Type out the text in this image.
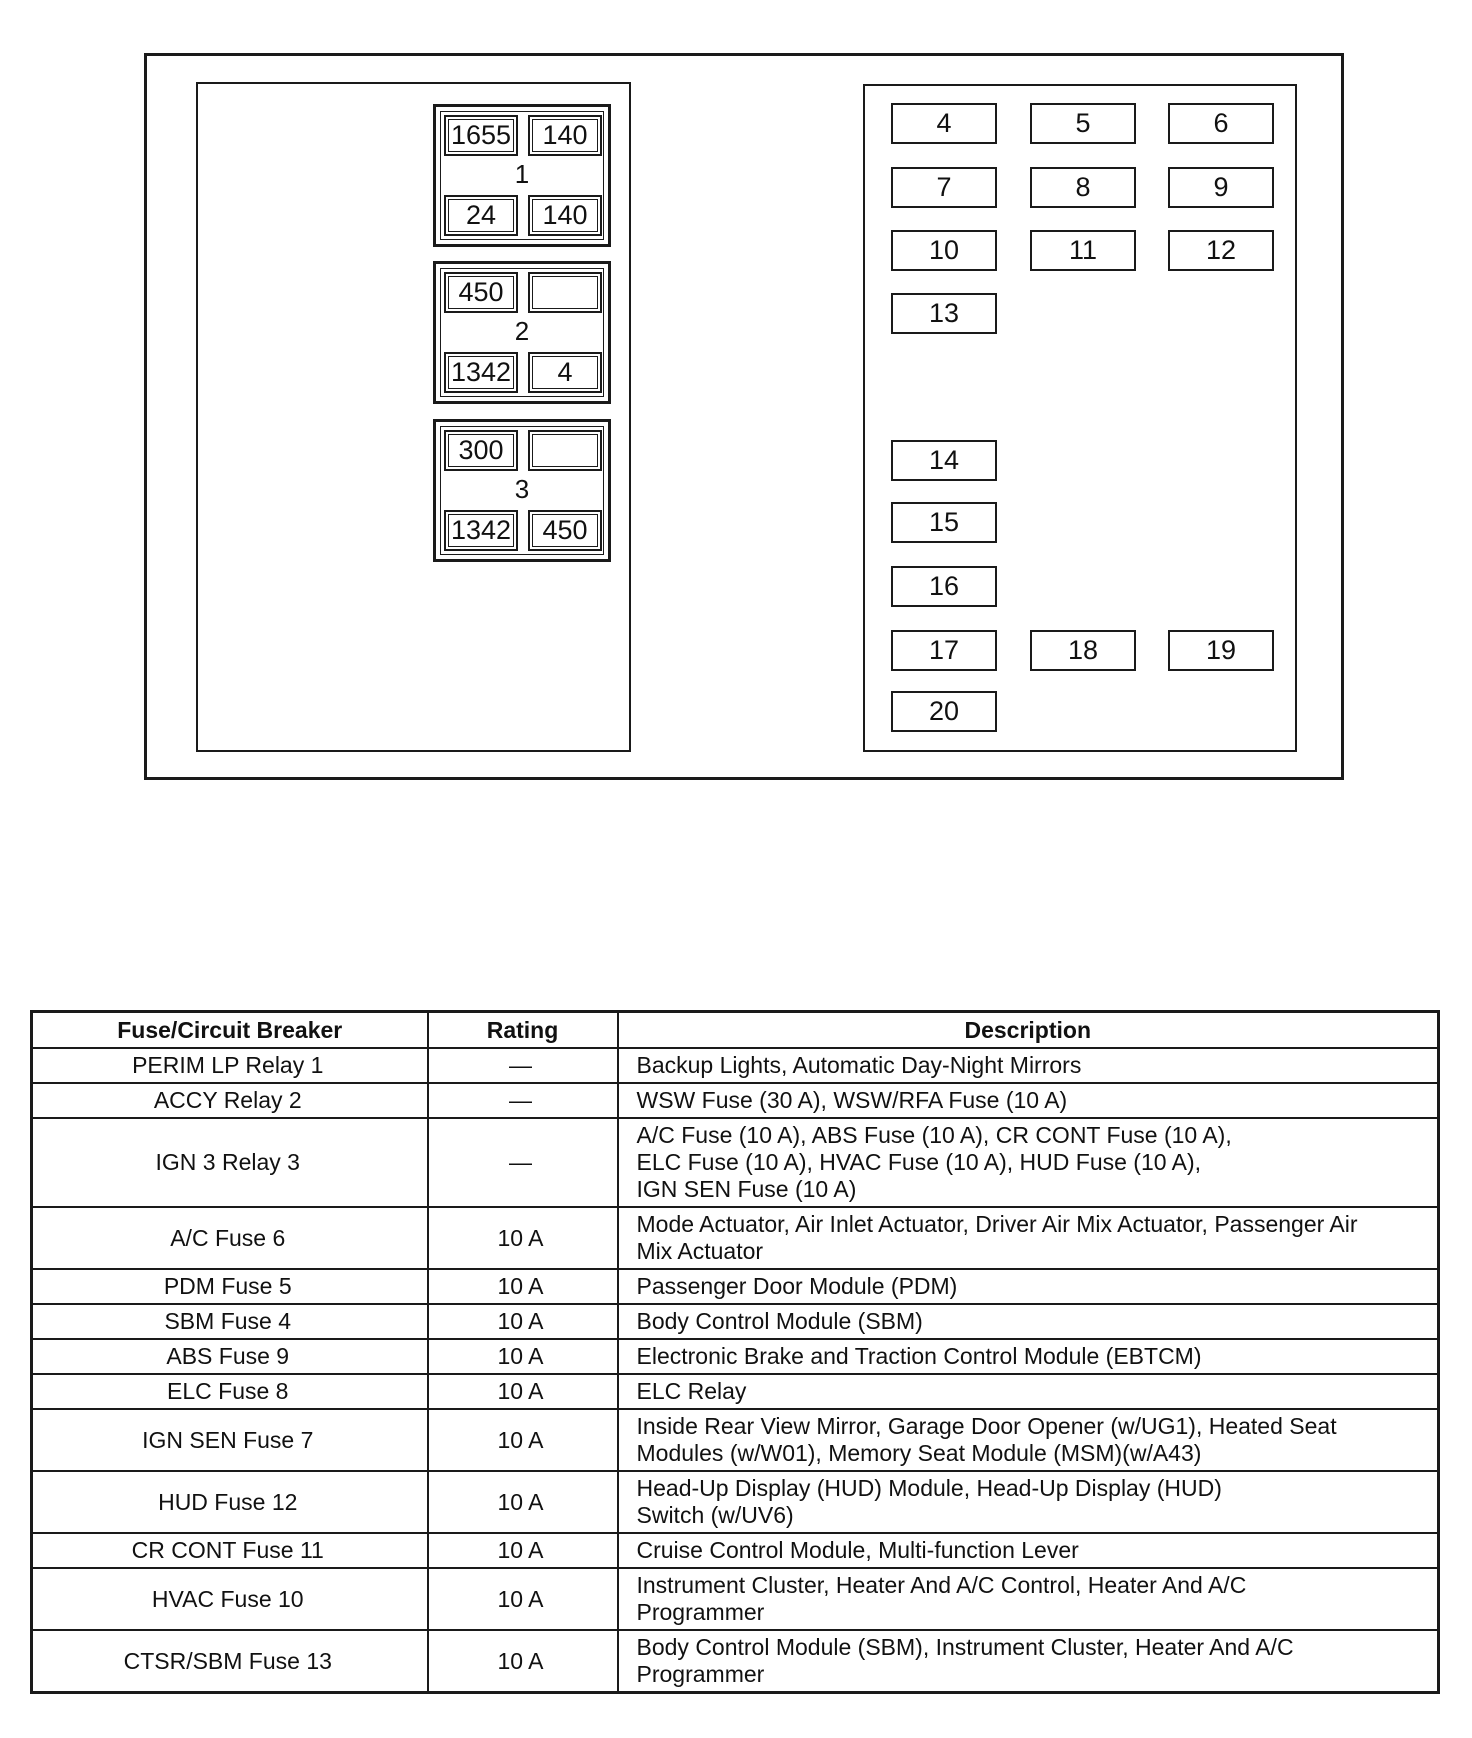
1655	140
24	140
1
450
1342	4
2
300
1342	450
3
4	5	6
7	8	9
10	11	12
13
14
15
16
17	18	19
20
Fuse/Circuit Breaker	Rating	Description
PERIM LP Relay 1	—	Backup Lights, Automatic Day-Night Mirrors
ACCY Relay 2	—	WSW Fuse (30 A), WSW/RFA Fuse (10 A)
IGN 3 Relay 3	—	A/C Fuse (10 A), ABS Fuse (10 A), CR CONT Fuse (10 A),
ELC Fuse (10 A), HVAC Fuse (10 A), HUD Fuse (10 A),
IGN SEN Fuse (10 A)
A/C Fuse 6	10 A	Mode Actuator, Air Inlet Actuator, Driver Air Mix Actuator, Passenger Air
Mix Actuator
PDM Fuse 5	10 A	Passenger Door Module (PDM)
SBM Fuse 4	10 A	Body Control Module (SBM)
ABS Fuse 9	10 A	Electronic Brake and Traction Control Module (EBTCM)
ELC Fuse 8	10 A	ELC Relay
IGN SEN Fuse 7	10 A	Inside Rear View Mirror, Garage Door Opener (w/UG1), Heated Seat
Modules (w/W01), Memory Seat Module (MSM)(w/A43)
HUD Fuse 12	10 A	Head-Up Display (HUD) Module, Head-Up Display (HUD)
Switch (w/UV6)
CR CONT Fuse 11	10 A	Cruise Control Module, Multi-function Lever
HVAC Fuse 10	10 A	Instrument Cluster, Heater And A/C Control, Heater And A/C
Programmer
CTSR/SBM Fuse 13	10 A	Body Control Module (SBM), Instrument Cluster, Heater And A/C
Programmer
